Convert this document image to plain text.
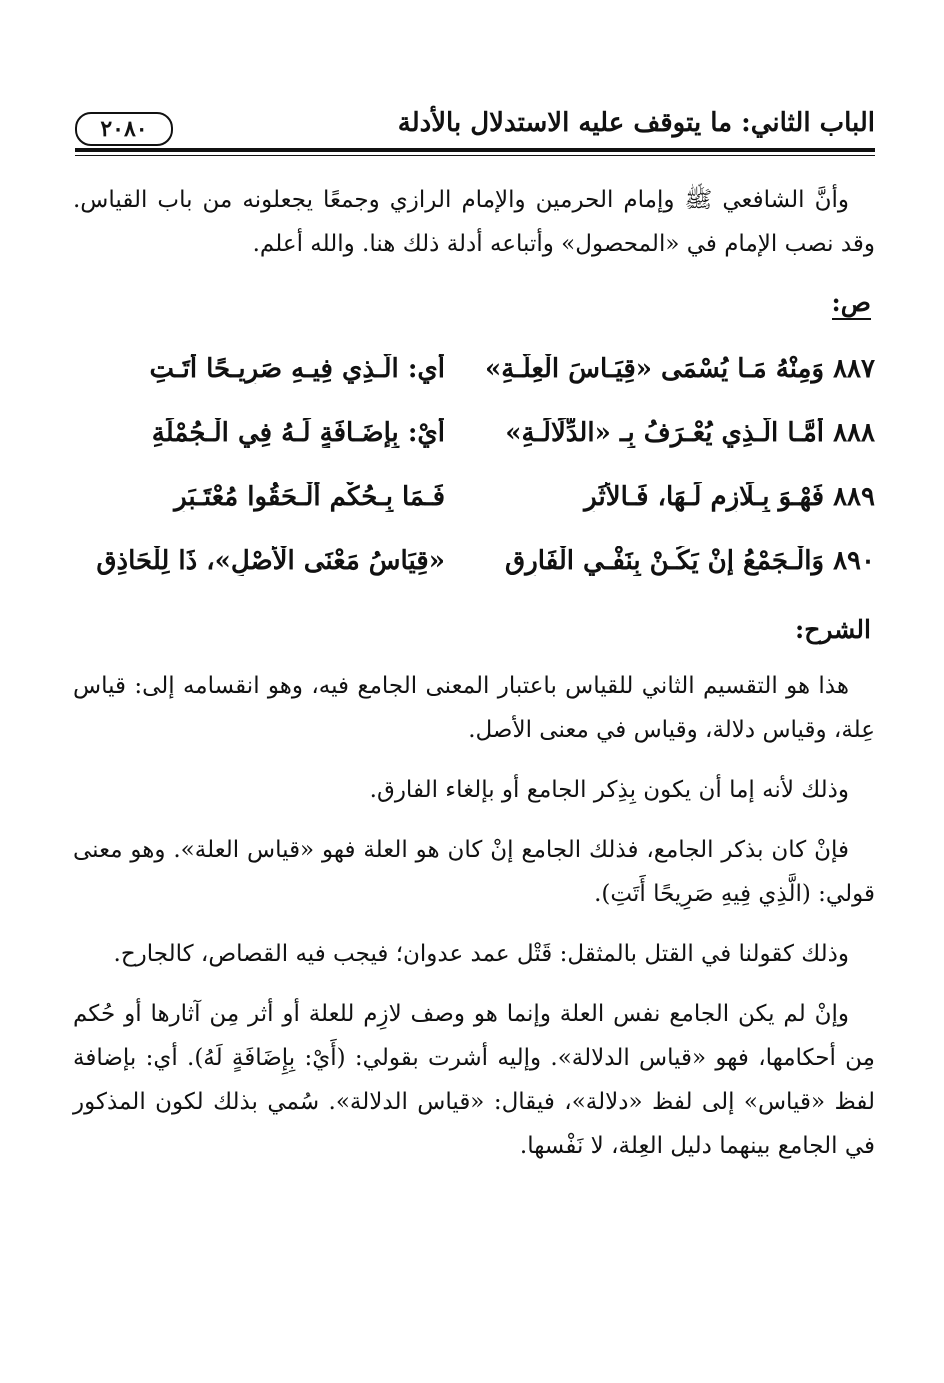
٢٠٨٠	الباب الثاني: ما يتوقف عليه الاستدلال بالأدلة

وأنَّ الشافعي ﷺ وإمام الحرمين والإمام الرازي وجمعًا يجعلونه من باب القياس. وقد نصب الإمام في «المحصول» وأتباعه أدلة ذلك هنا. والله أعلم.

ص:
٨٨٧ وَمِنْهُ مَـا يُسْمَى «قِيَـاسَ الْعِلَّـةِ»
أَيِ: الَّـذِي فِيـهِ صَرِيـحًا أَتَـتِ
٨٨٨ أَمَّـا الَّـذِي يُعْـرَفُ بِـ «الدِّلَالَـةِ»
أَيْ: بِإِضَـافَةٍ لَـهُ فِي الْـجُمْلَةِ
٨٨٩ فَهْـوَ بِـلَازِمٍ لَـهَا، فَـالأَثَرِ
فَـمَا بِـحُكْمٍ أَلْـحَقُوا مُعْتَـبَرِ
٨٩٠ وَالْـجَمْعُ إِنْ يَكُـنْ بِنَفْـيِ الْفَارِقِ
«قِيَاسُ مَعْنَى الْأَصْلِ»، ذَا لِلْحَاذِقِ
الشرح:

هذا هو التقسيم الثاني للقياس باعتبار المعنى الجامع فيه، وهو انقسامه إلى: قياس عِلة، وقياس دلالة، وقياس في معنى الأصل.

وذلك لأنه إما أن يكون بِذِكر الجامع أو بإلغاء الفارق.

فإنْ كان بذكر الجامع، فذلك الجامع إنْ كان هو العلة فهو «قياس العلة». وهو معنى قولي: (الَّذِي فِيهِ صَرِيحًا أَتَتِ).

وذلك كقولنا في القتل بالمثقل: قَتْل عمد عدوان؛ فيجب فيه القصاص، كالجارح.

وإنْ لم يكن الجامع نفس العلة وإنما هو وصف لازِم للعلة أو أثر مِن آثارها أو حُكم مِن أحكامها، فهو «قياس الدلالة». وإليه أشرت بقولي: (أَيْ: بِإِضَافَةٍ لَهُ). أي: بإضافة لفظ «قياس» إلى لفظ «دلالة»، فيقال: «قياس الدلالة». سُمي بذلك لكون المذكور في الجامع بينهما دليل العِلة، لا نَفْسها.
